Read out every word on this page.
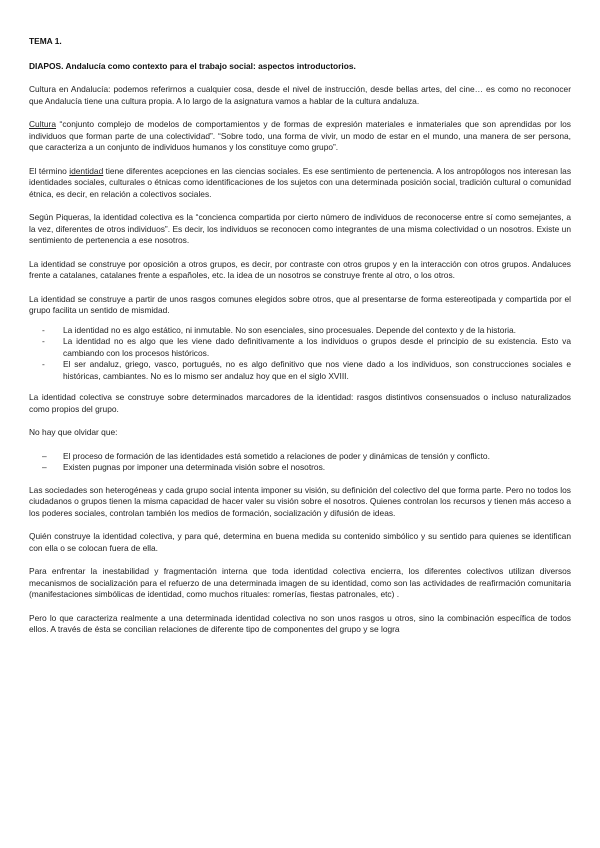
TEMA 1.
DIAPOS. Andalucía como contexto para el trabajo social: aspectos introductorios.

Cultura en Andalucía: podemos referirnos a cualquier cosa, desde el nivel de instrucción, desde bellas artes, del cine… es como no reconocer que Andalucía tiene una cultura propia. A lo largo de la asignatura vamos a hablar de la cultura andaluza.

Cultura “conjunto complejo de modelos de comportamientos y de formas de expresión materiales e inmateriales que son aprendidas por los individuos que forman parte de una colectividad”. “Sobre todo, una forma de vivir, un modo de estar en el mundo, una manera de ser persona, que caracteriza a un conjunto de individuos humanos y los constituye como grupo”.

El término identidad tiene diferentes acepciones en las ciencias sociales. Es ese sentimiento de pertenencia. A los antropólogos nos interesan las identidades sociales, culturales o étnicas como identificaciones de los sujetos con una determinada posición social, tradición cultural o comunidad étnica, es decir, en relación a colectivos sociales.

Según Piqueras, la identidad colectiva es la “concienca compartida por cierto número de individuos de reconocerse entre sí como semejantes, a la vez, diferentes de otros individuos”. Es decir, los individuos se reconocen como integrantes de una misma colectividad o un nosotros. Existe un sentimiento de pertenencia a ese nosotros.

La identidad se construye por oposición a otros grupos, es decir, por contraste con otros grupos y en la interacción con otros grupos. Andaluces frente a catalanes, catalanes frente a españoles, etc. la idea de un nosotros se construye frente al otro, o los otros.

La identidad se construye a partir de unos rasgos comunes elegidos sobre otros, que al presentarse de forma estereotipada y compartida por el grupo facilita un sentido de mismidad.

- La identidad no es algo estático, ni inmutable. No son esenciales, sino procesuales. Depende del contexto y de la historia.
- La identidad no es algo que les viene dado definitivamente a los individuos o grupos desde el principio de su existencia. Esto va cambiando con los procesos históricos.
- El ser andaluz, griego, vasco, portugués, no es algo definitivo que nos viene dado a los individuos, son construcciones sociales e históricas, cambiantes. No es lo mismo ser andaluz hoy que en el siglo XVIII.

La identidad colectiva se construye sobre determinados marcadores de la identidad: rasgos distintivos consensuados o incluso naturalizados como propios del grupo.

No hay que olvidar que:

– El proceso de formación de las identidades está sometido a relaciones de poder y dinámicas de tensión y conflicto.
– Existen pugnas por imponer una determinada visión sobre el nosotros.

Las sociedades son heterogéneas y cada grupo social intenta imponer su visión, su definición del colectivo del que forma parte. Pero no todos los ciudadanos o grupos tienen la misma capacidad de hacer valer su visión sobre el nosotros. Quienes controlan los recursos y tienen más acceso a los poderes sociales, controlan también los medios de formación, socialización y difusión de ideas.

Quién construye la identidad colectiva, y para qué, determina en buena medida su contenido simbólico y su sentido para quienes se identifican con ella o se colocan fuera de ella.

Para enfrentar la inestabilidad y fragmentación interna que toda identidad colectiva encierra, los diferentes colectivos utilizan diversos mecanismos de socialización para el refuerzo de una determinada imagen de su identidad, como son las actividades de reafirmación comunitaria (manifestaciones simbólicas de identidad, como muchos rituales: romerías, fiestas patronales, etc) .

Pero lo que caracteriza realmente a una determinada identidad colectiva no son unos rasgos u otros, sino la combinación específica de todos ellos. A través de ésta se concilian relaciones de diferente tipo de componentes del grupo y se logra
